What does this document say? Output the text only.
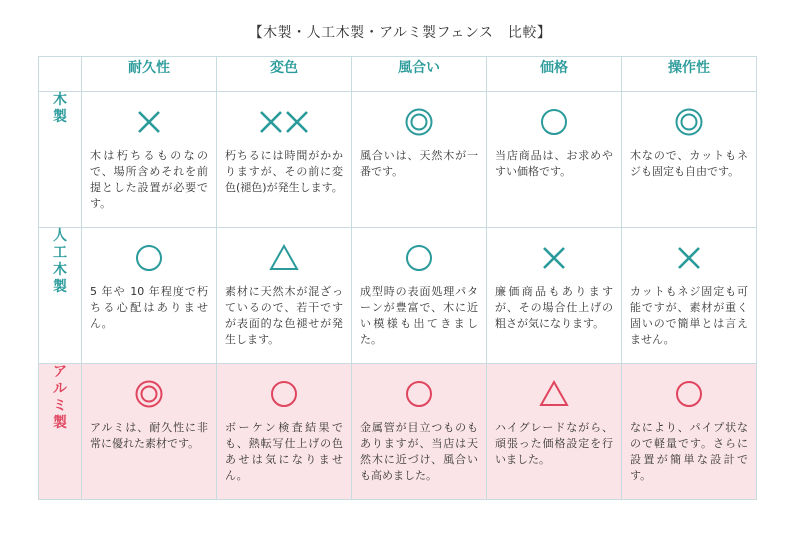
【木製・人工木製・アルミ製フェンス　比較】
	耐久性	変色	風合い	価格	操作性
木製	木は朽ちるものなので、場所含めそれを前提とした設置が必要です。	朽ちるには時間がかかりますが、その前に変色(褪色)が発生します。	風合いは、天然木が一番です。	当店商品は、お求めやすい価格です。	木なので、カットもネジも固定も自由です。

人工木製	5 年や 10 年程度で朽ちる心配はありません。	素材に天然木が混ざっているので、若干ですが表面的な色褪せが発生します。	成型時の表面処理パターンが豊富で、木に近い模様も出てきました。	廉価商品もありますが、その場合仕上げの粗さが気になります。	カットもネジ固定も可能ですが、素材が重く固いので簡単とは言えません。

アルミ製	アルミは、耐久性に非常に優れた素材です。	ボーケン検査結果でも、熱転写仕上げの色あせは気になりません。	金属管が目立つものもありますが、当店は天然木に近づけ、風合いも高めました。	ハイグレードながら、頑張った価格設定を行いました。	なにより、パイプ状なので軽量です。さらに設置が簡単な設計です。
